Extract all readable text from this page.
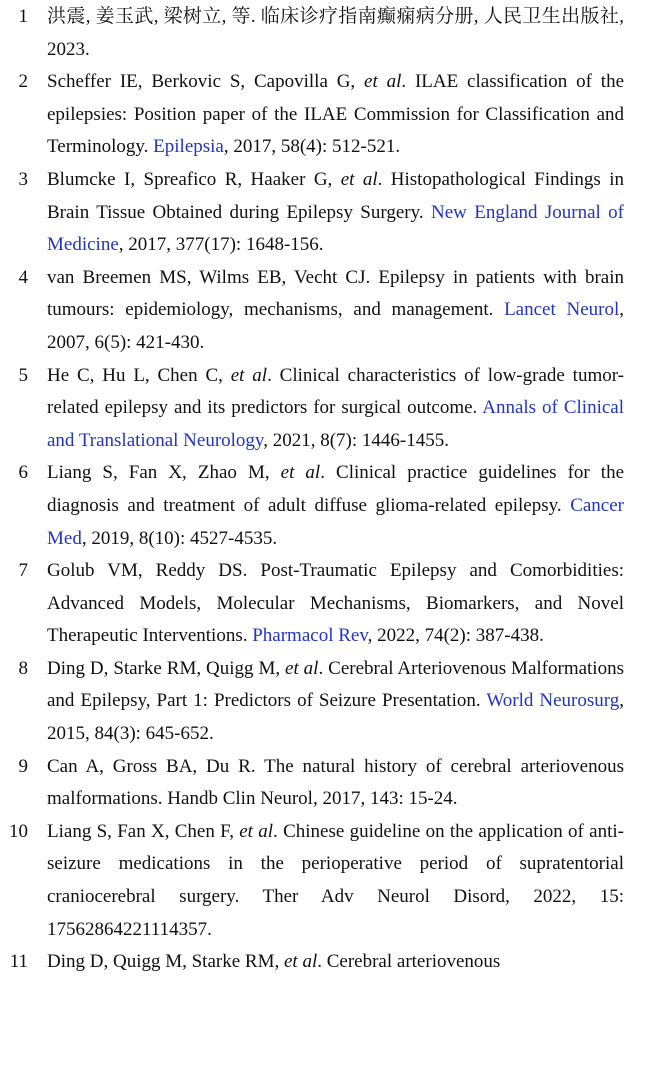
1	洪震, 姜玉武, 梁树立, 等. 临床诊疗指南癫痫病分册, 人民卫生出版社, 2023.
2	Scheffer IE, Berkovic S, Capovilla G, et al. ILAE classification of the epilepsies: Position paper of the ILAE Commission for Classification and Terminology. Epilepsia, 2017, 58(4): 512-521.
3	Blumcke I, Spreafico R, Haaker G, et al. Histopathological Findings in Brain Tissue Obtained during Epilepsy Surgery. New England Journal of Medicine, 2017, 377(17): 1648-156.
4	van Breemen MS, Wilms EB, Vecht CJ. Epilepsy in patients with brain tumours: epidemiology, mechanisms, and management. Lancet Neurol, 2007, 6(5): 421-430.
5	He C, Hu L, Chen C, et al. Clinical characteristics of low-grade tumor-related epilepsy and its predictors for surgical outcome. Annals of Clinical and Translational Neurology, 2021, 8(7): 1446-1455.
6	Liang S, Fan X, Zhao M, et al. Clinical practice guidelines for the diagnosis and treatment of adult diffuse glioma-related epilepsy. Cancer Med, 2019, 8(10): 4527-4535.
7	Golub VM, Reddy DS. Post-Traumatic Epilepsy and Comorbidities: Advanced Models, Molecular Mechanisms, Biomarkers, and Novel Therapeutic Interventions. Pharmacol Rev, 2022, 74(2): 387-438.
8	Ding D, Starke RM, Quigg M, et al. Cerebral Arteriovenous Malformations and Epilepsy, Part 1: Predictors of Seizure Presentation. World Neurosurg, 2015, 84(3): 645-652.
9	Can A, Gross BA, Du R. The natural history of cerebral arteriovenous malformations. Handb Clin Neurol, 2017, 143: 15-24.
10	Liang S, Fan X, Chen F, et al. Chinese guideline on the application of anti-seizure medications in the perioperative period of supratentorial craniocerebral surgery. Ther Adv Neurol Disord, 2022, 15: 17562864221114357.
11	Ding D, Quigg M, Starke RM, et al. Cerebral arteriovenous
